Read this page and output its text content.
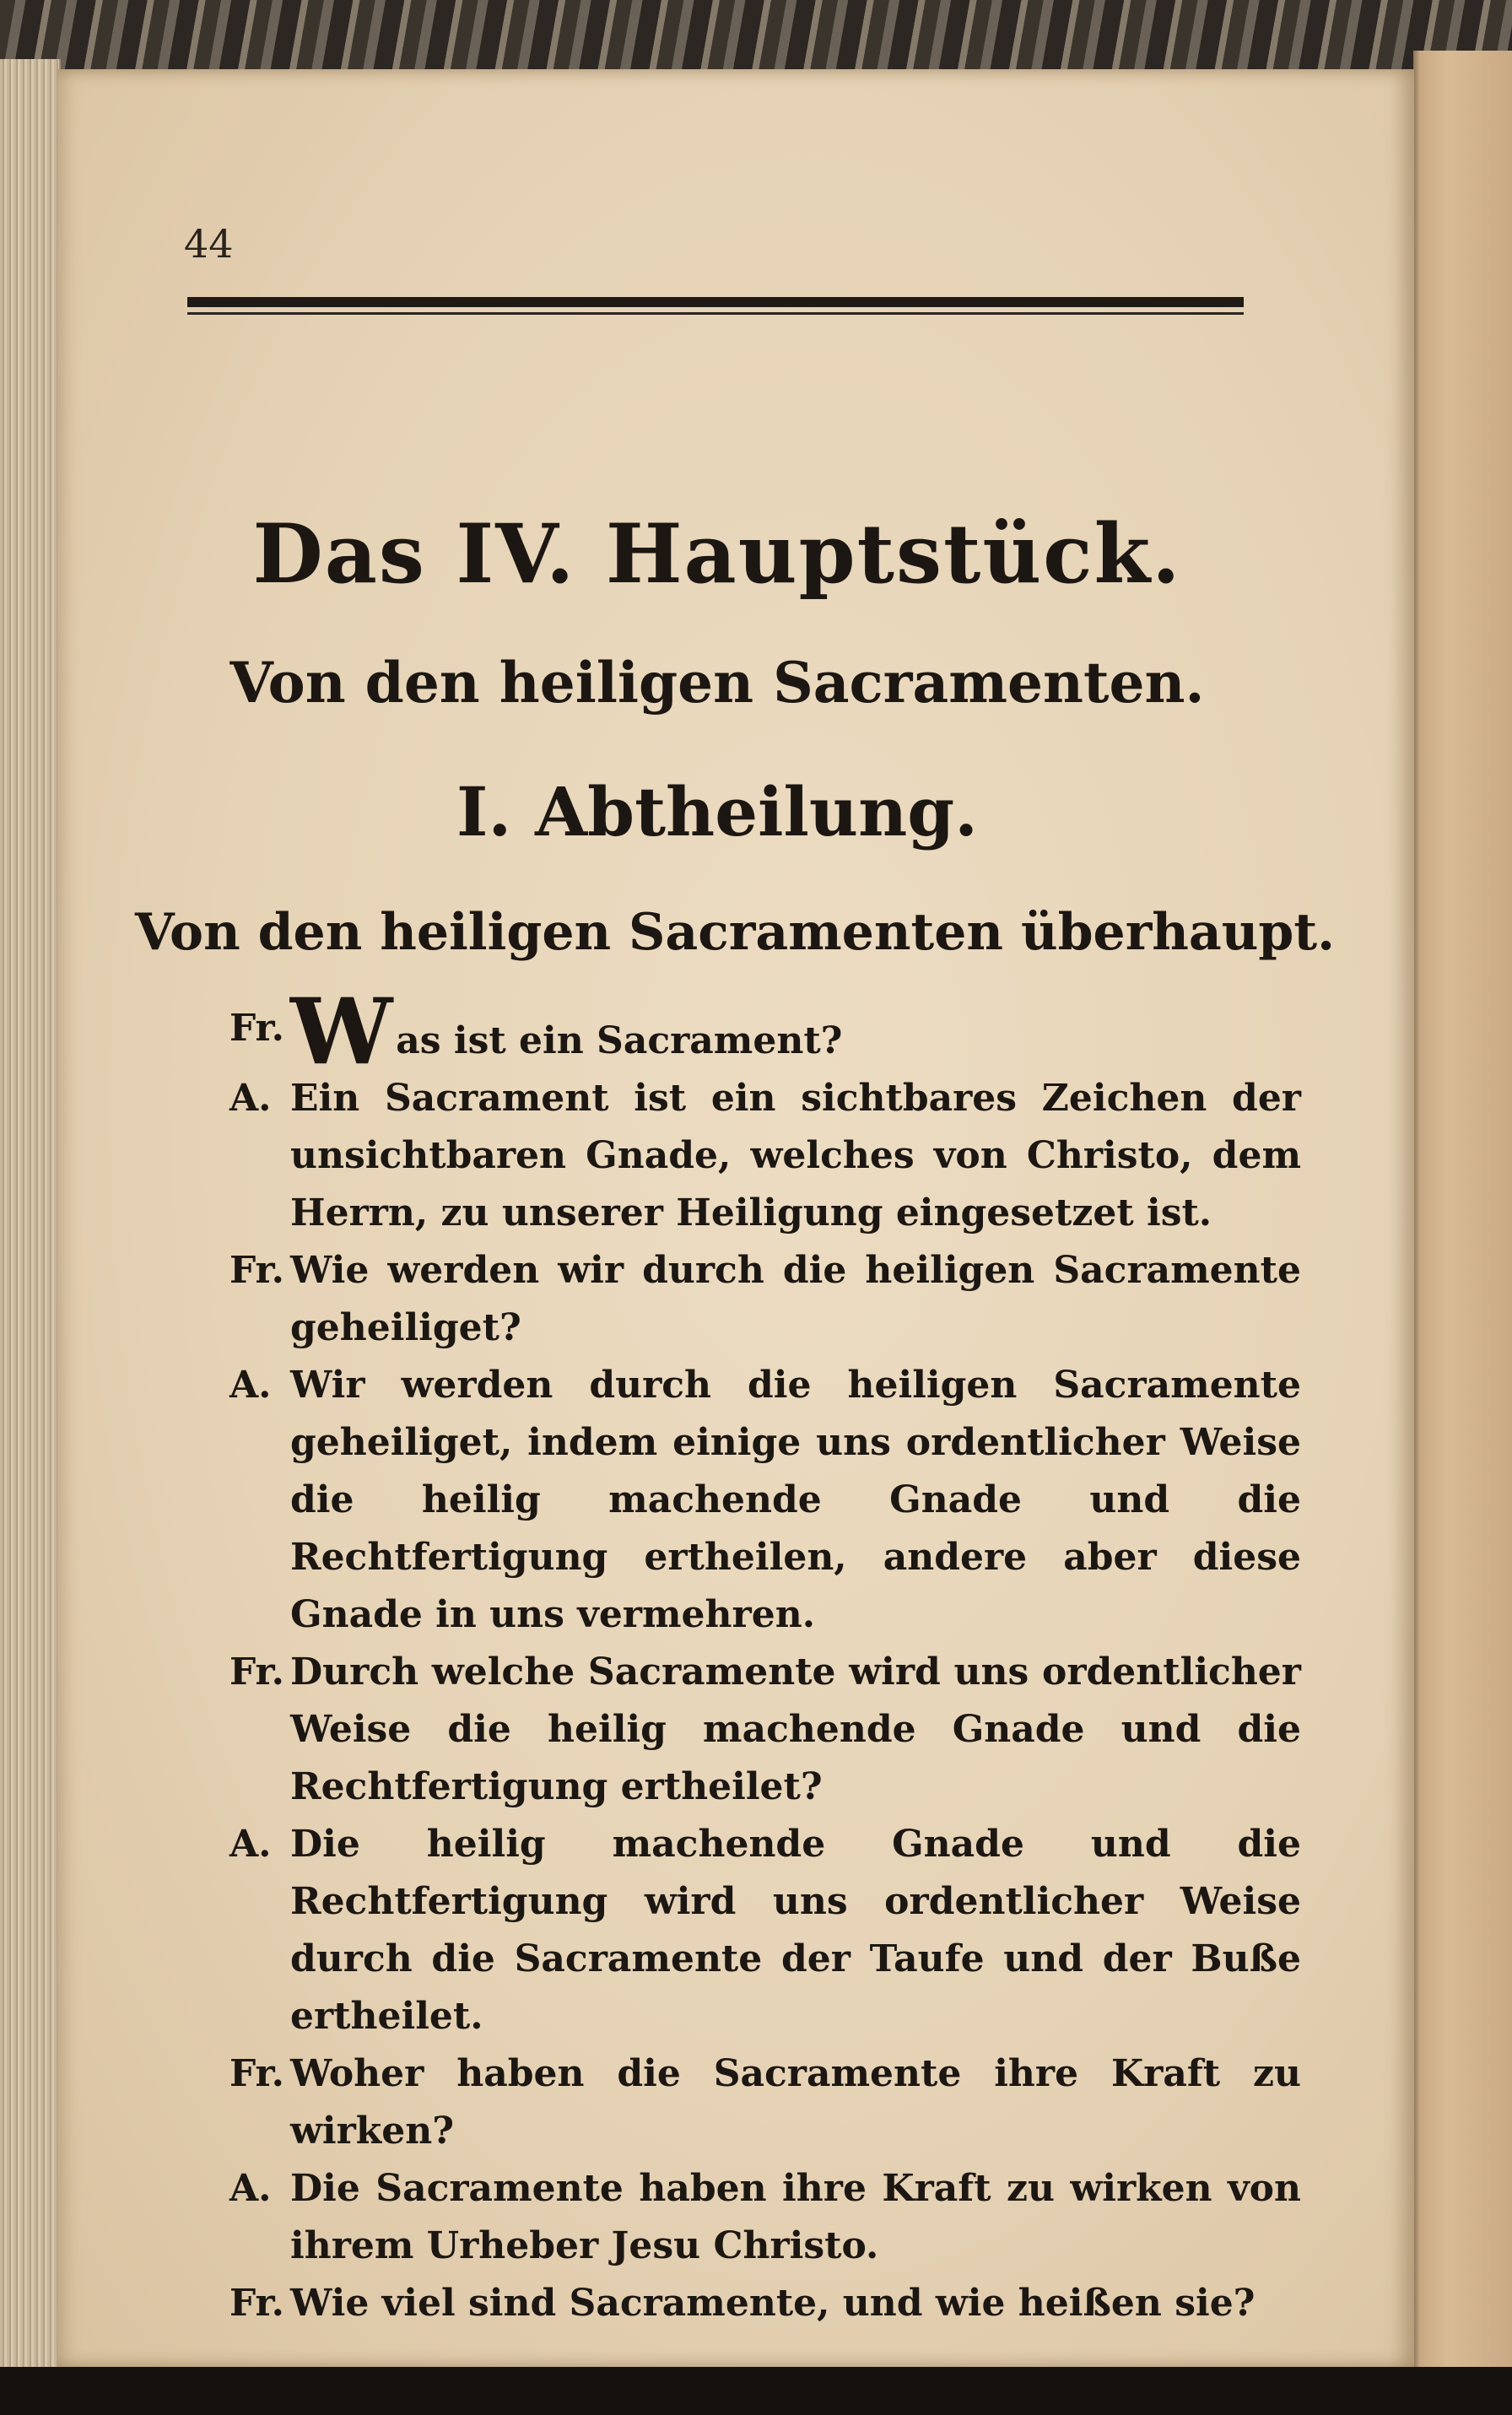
44

Das IV. Hauptstück.
Von den heiligen Sacramenten.
I. Abtheilung.
Von den heiligen Sacramenten überhaupt.

Fr. Was ist ein Sacrament?

A. Ein Sacrament ist ein sichtbares Zeichen der unsichtbaren Gnade, welches von Christo, dem Herrn, zu unserer Heiligung eingesetzet ist.

Fr. Wie werden wir durch die heiligen Sacramente geheiliget?

A. Wir werden durch die heiligen Sacramente geheiliget, indem einige uns ordentlicher Weise die heilig machende Gnade und die Rechtfertigung ertheilen, andere aber diese Gnade in uns vermehren.

Fr. Durch welche Sacramente wird uns ordentlicher Weise die heilig machende Gnade und die Rechtfertigung ertheilet?

A. Die heilig machende Gnade und die Rechtfertigung wird uns ordentlicher Weise durch die Sacramente der Taufe und der Buße ertheilet.

Fr. Woher haben die Sacramente ihre Kraft zu wirken?

A. Die Sacramente haben ihre Kraft zu wirken von ihrem Urheber Jesu Christo.

Fr. Wie viel sind Sacramente, und wie heißen sie?
